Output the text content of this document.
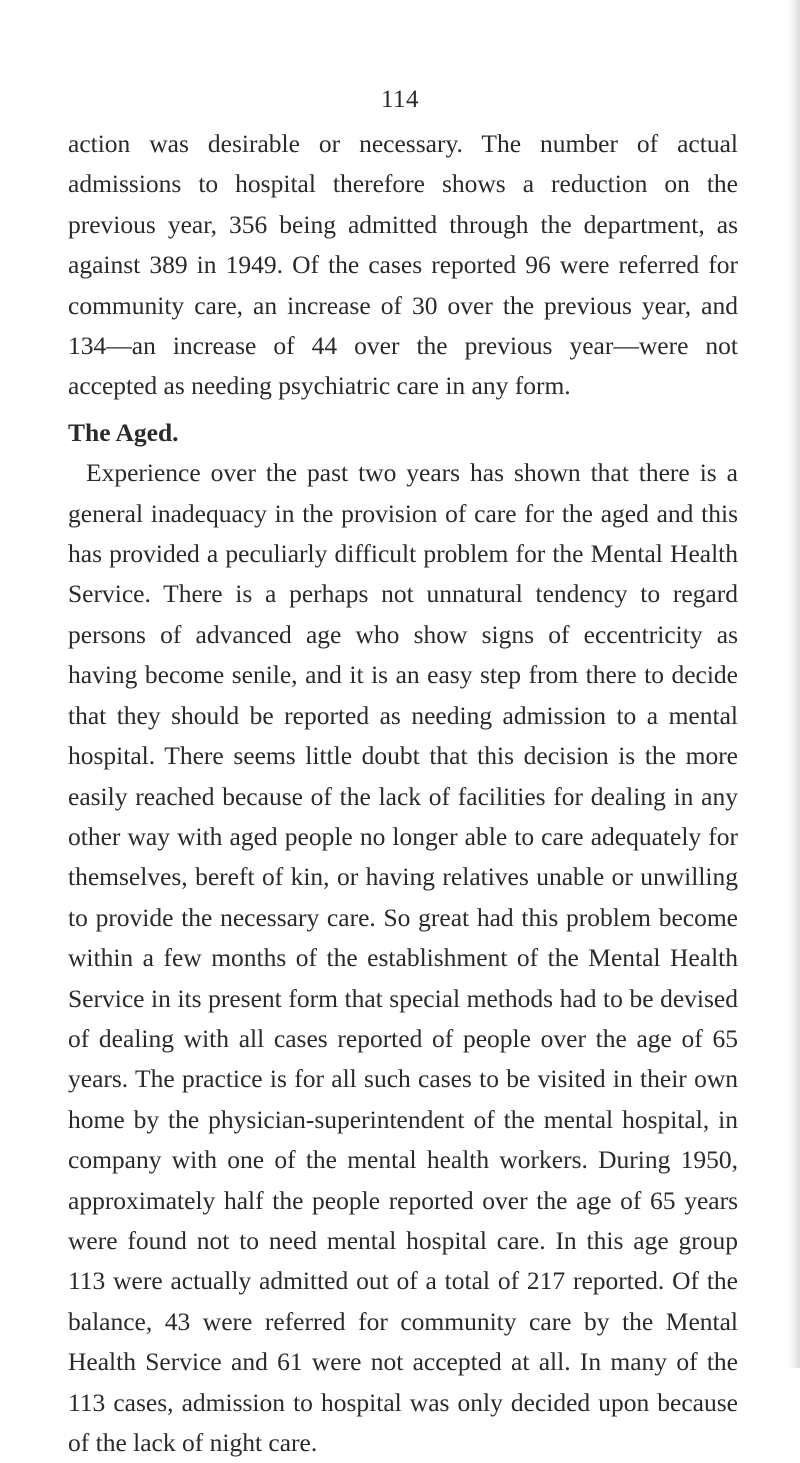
114

action was desirable or necessary. The number of actual admissions to hospital therefore shows a reduction on the previous year, 356 being admitted through the department, as against 389 in 1949. Of the cases reported 96 were referred for community care, an increase of 30 over the previous year, and 134—an increase of 44 over the previous year—were not accepted as needing psychiatric care in any form.

The Aged.

Experience over the past two years has shown that there is a general inadequacy in the provision of care for the aged and this has provided a peculiarly difficult problem for the Mental Health Service. There is a perhaps not unnatural tendency to regard persons of advanced age who show signs of eccentricity as having become senile, and it is an easy step from there to decide that they should be reported as needing admission to a mental hospital. There seems little doubt that this decision is the more easily reached because of the lack of facilities for dealing in any other way with aged people no longer able to care adequately for themselves, bereft of kin, or having relatives unable or unwilling to provide the necessary care. So great had this problem become within a few months of the establishment of the Mental Health Service in its present form that special methods had to be devised of dealing with all cases reported of people over the age of 65 years. The practice is for all such cases to be visited in their own home by the physician-superintendent of the mental hospital, in company with one of the mental health workers. During 1950, approximately half the people reported over the age of 65 years were found not to need mental hospital care. In this age group 113 were actually admitted out of a total of 217 reported. Of the balance, 43 were referred for community care by the Mental Health Service and 61 were not accepted at all. In many of the 113 cases, admission to hospital was only decided upon because of the lack of night care.
